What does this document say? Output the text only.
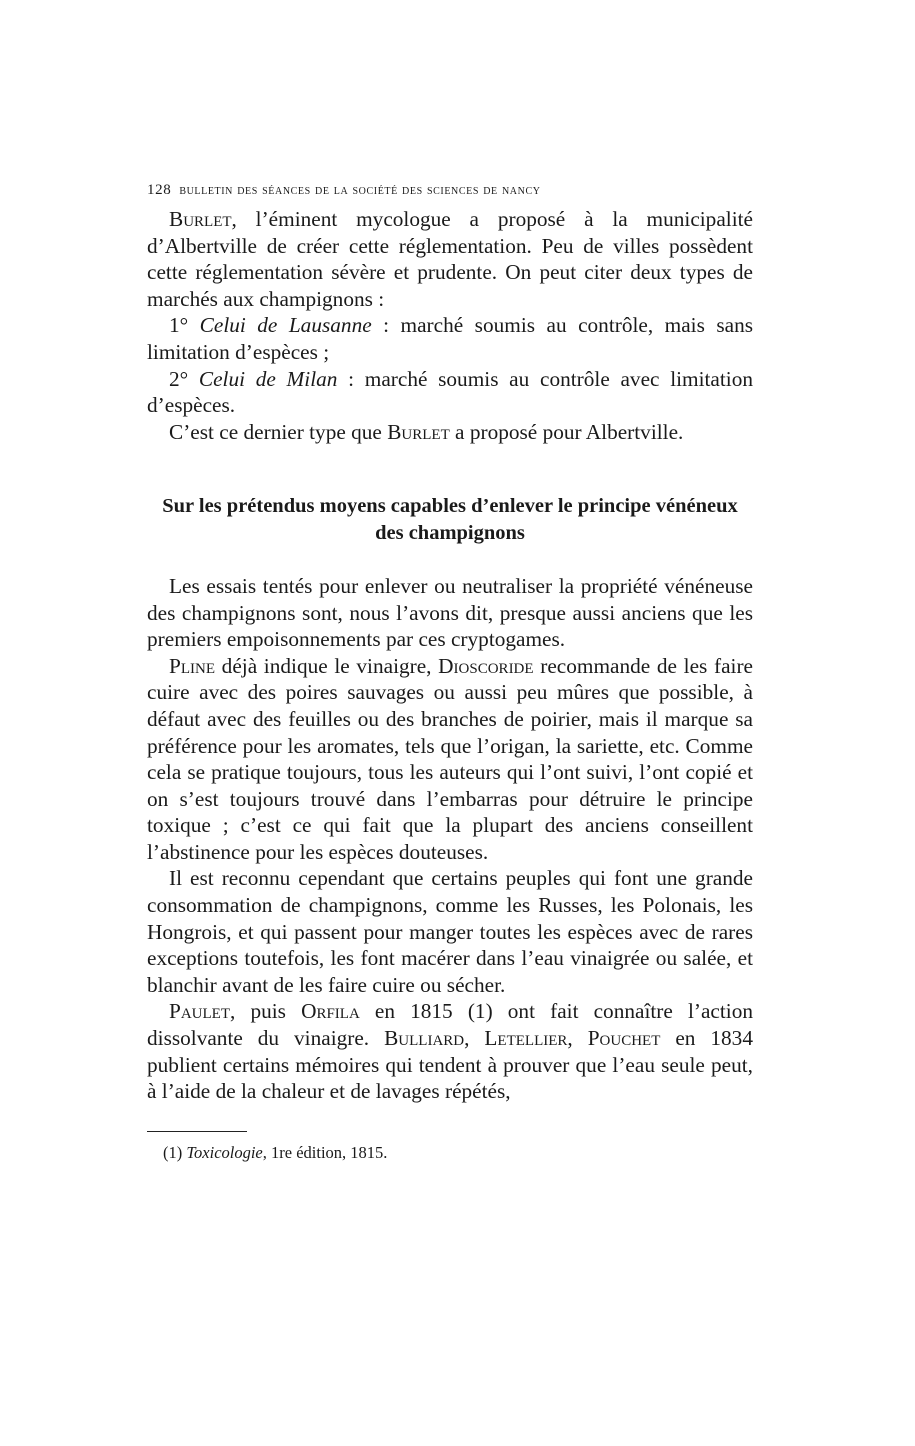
128 bulletin des séances de la société des sciences de nancy

Burlet, l’éminent mycologue a proposé à la municipalité d’Albertville de créer cette réglementation. Peu de villes possèdent cette réglementation sévère et prudente. On peut citer deux types de marchés aux champignons :

1° Celui de Lausanne : marché soumis au contrôle, mais sans limitation d’espèces ;

2° Celui de Milan : marché soumis au contrôle avec limitation d’espèces.

C’est ce dernier type que Burlet a proposé pour Albertville.

Sur les prétendus moyens capables d’enlever le principe vénéneux des champignons

Les essais tentés pour enlever ou neutraliser la propriété vénéneuse des champignons sont, nous l’avons dit, presque aussi anciens que les premiers empoisonnements par ces cryptogames.

Pline déjà indique le vinaigre, Dioscoride recommande de les faire cuire avec des poires sauvages ou aussi peu mûres que possible, à défaut avec des feuilles ou des branches de poirier, mais il marque sa préférence pour les aromates, tels que l’origan, la sariette, etc. Comme cela se pratique toujours, tous les auteurs qui l’ont suivi, l’ont copié et on s’est toujours trouvé dans l’embarras pour détruire le principe toxique ; c’est ce qui fait que la plupart des anciens conseillent l’abstinence pour les espèces douteuses.

Il est reconnu cependant que certains peuples qui font une grande consommation de champignons, comme les Russes, les Polonais, les Hongrois, et qui passent pour manger toutes les espèces avec de rares exceptions toutefois, les font macérer dans l’eau vinaigrée ou salée, et blanchir avant de les faire cuire ou sécher.

Paulet, puis Orfila en 1815 (1) ont fait connaître l’action dissolvante du vinaigre. Bulliard, Letellier, Pouchet en 1834 publient certains mémoires qui tendent à prouver que l’eau seule peut, à l’aide de la chaleur et de lavages répétés,

(1) Toxicologie, 1re édition, 1815.
